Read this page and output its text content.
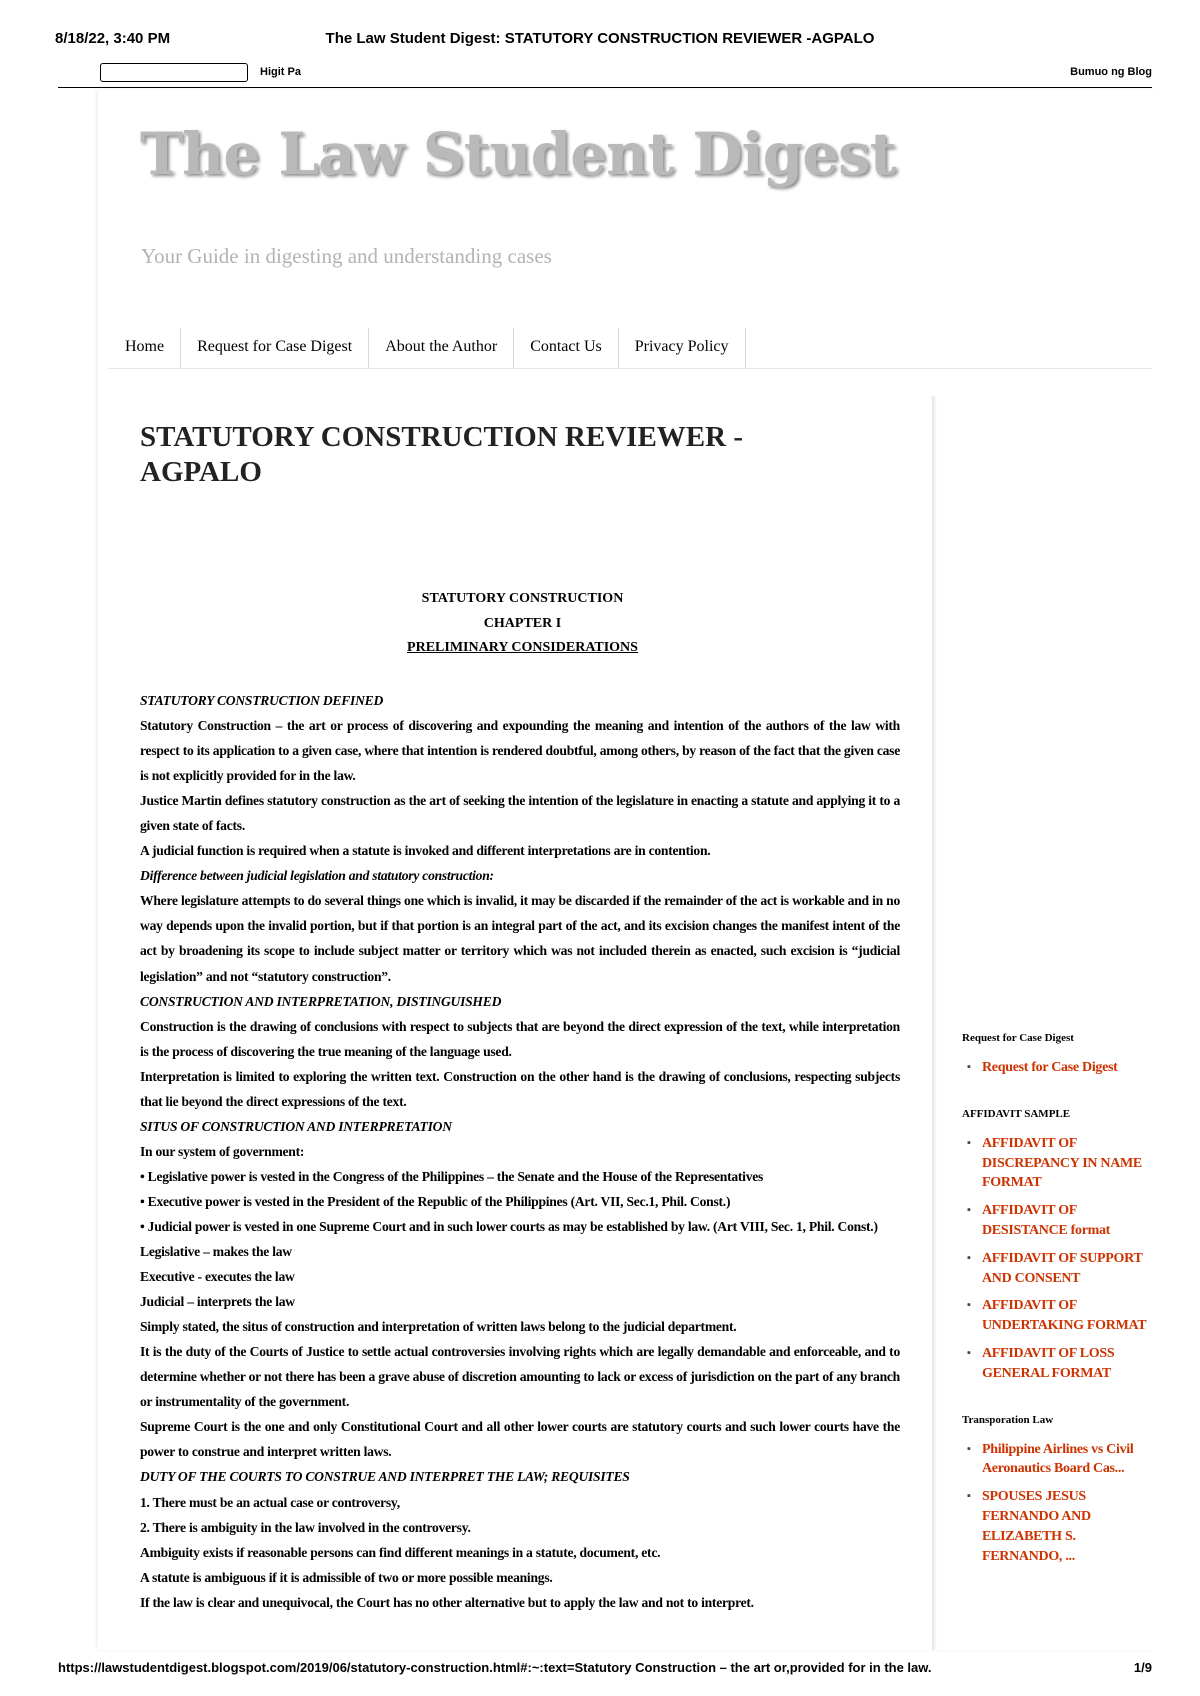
8/18/22, 3:40 PM	The Law Student Digest: STATUTORY CONSTRUCTION REVIEWER -AGPALO
Higit Pa	Bumuo ng Blog
The Law Student Digest
Your Guide in digesting and understanding cases
Home	Request for Case Digest	About the Author	Contact Us	Privacy Policy
STATUTORY CONSTRUCTION REVIEWER - AGPALO
STATUTORY CONSTRUCTION
CHAPTER I
PRELIMINARY CONSIDERATIONS

STATUTORY CONSTRUCTION DEFINED

Statutory Construction – the art or process of discovering and expounding the meaning and intention of the authors of the law with respect to its application to a given case, where that intention is rendered doubtful, among others, by reason of the fact that the given case is not explicitly provided for in the law.

Justice Martin defines statutory construction as the art of seeking the intention of the legislature in enacting a statute and applying it to a given state of facts.

A judicial function is required when a statute is invoked and different interpretations are in contention.

Difference between judicial legislation and statutory construction:

Where legislature attempts to do several things one which is invalid, it may be discarded if the remainder of the act is workable and in no way depends upon the invalid portion, but if that portion is an integral part of the act, and its excision changes the manifest intent of the act by broadening its scope to include subject matter or territory which was not included therein as enacted, such excision is “judicial legislation” and not “statutory construction”.

CONSTRUCTION AND INTERPRETATION, DISTINGUISHED

Construction is the drawing of conclusions with respect to subjects that are beyond the direct expression of the text, while interpretation is the process of discovering the true meaning of the language used.

Interpretation is limited to exploring the written text. Construction on the other hand is the drawing of conclusions, respecting subjects that lie beyond the direct expressions of the text.

SITUS OF CONSTRUCTION AND INTERPRETATION

In our system of government:

• Legislative power is vested in the Congress of the Philippines – the Senate and the House of the Representatives

• Executive power is vested in the President of the Republic of the Philippines (Art. VII, Sec.1, Phil. Const.)

• Judicial power is vested in one Supreme Court and in such lower courts as may be established by law. (Art VIII, Sec. 1, Phil. Const.)

Legislative – makes the law

Executive - executes the law

Judicial – interprets the law

Simply stated, the situs of construction and interpretation of written laws belong to the judicial department.

It is the duty of the Courts of Justice to settle actual controversies involving rights which are legally demandable and enforceable, and to determine whether or not there has been a grave abuse of discretion amounting to lack or excess of jurisdiction on the part of any branch or instrumentality of the government.

Supreme Court is the one and only Constitutional Court and all other lower courts are statutory courts and such lower courts have the power to construe and interpret written laws.

DUTY OF THE COURTS TO CONSTRUE AND INTERPRET THE LAW; REQUISITES

1. There must be an actual case or controversy,

2. There is ambiguity in the law involved in the controversy.

Ambiguity exists if reasonable persons can find different meanings in a statute, document, etc.

A statute is ambiguous if it is admissible of two or more possible meanings.

If the law is clear and unequivocal, the Court has no other alternative but to apply the law and not to interpret.

Request for Case Digest
▪ Request for Case Digest
AFFIDAVIT SAMPLE
▪ AFFIDAVIT OF DISCREPANCY IN NAME FORMAT
▪ AFFIDAVIT OF DESISTANCE format
▪ AFFIDAVIT OF SUPPORT AND CONSENT
▪ AFFIDAVIT OF UNDERTAKING FORMAT
▪ AFFIDAVIT OF LOSS GENERAL FORMAT
Transporation Law
▪ Philippine Airlines vs Civil Aeronautics Board Cas...
▪ SPOUSES JESUS FERNANDO AND ELIZABETH S. FERNANDO, ...
https://lawstudentdigest.blogspot.com/2019/06/statutory-construction.html#:~:text=Statutory Construction – the art or,provided for in the law.	1/9
